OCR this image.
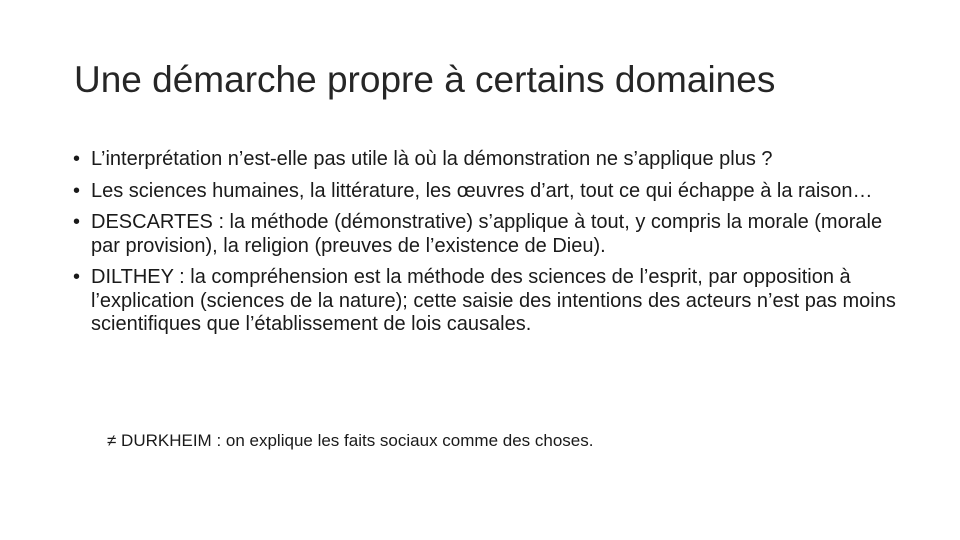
Une démarche propre à certains domaines
• L’interprétation n’est-elle pas utile là où la démonstration ne s’applique plus ?
• Les sciences humaines, la littérature, les œuvres d’art, tout ce qui échappe à la raison…
• DESCARTES : la méthode (démonstrative) s’applique à tout, y compris la morale (morale par provision), la religion (preuves de l’existence de Dieu).
• DILTHEY : la compréhension est la méthode des sciences de l’esprit, par opposition à l’explication (sciences de la nature); cette saisie des intentions des acteurs n’est pas moins scientifiques que l’établissement de lois causales.
≠ DURKHEIM : on explique les faits sociaux comme des choses.
